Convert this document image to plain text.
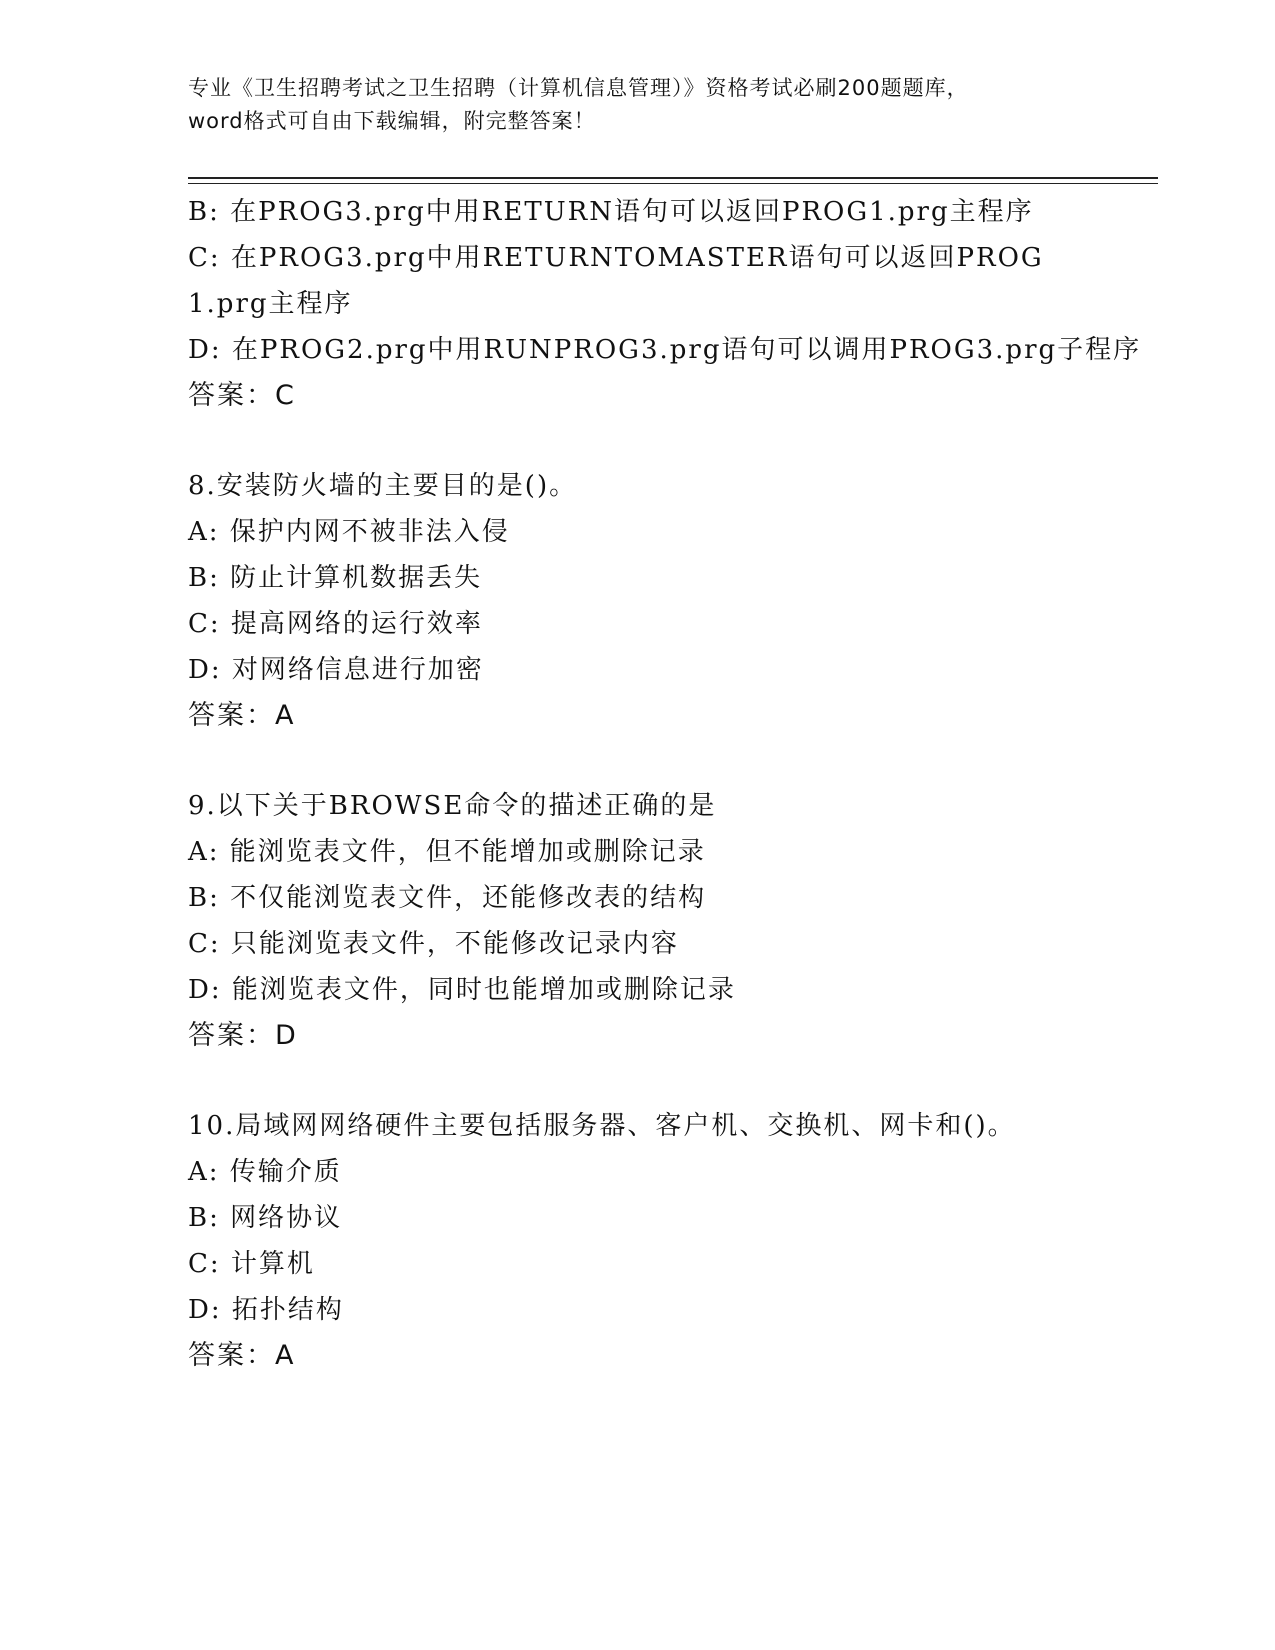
专业《卫生招聘考试之卫生招聘（计算机信息管理）》资格考试必刷200题题库，
word格式可自由下载编辑，附完整答案！
B: 在PROG3.prg中用RETURN语句可以返回PROG1.prg主程序
C: 在PROG3.prg中用RETURNTOMASTER语句可以返回PROG1.prg主程序
D: 在PROG2.prg中用RUNPROG3.prg语句可以调用PROG3.prg子程序
答案：C
8.安装防火墙的主要目的是()。
A: 保护内网不被非法入侵
B: 防止计算机数据丢失
C: 提高网络的运行效率
D: 对网络信息进行加密
答案：A
9.以下关于BROWSE命令的描述正确的是
A: 能浏览表文件，但不能增加或删除记录
B: 不仅能浏览表文件，还能修改表的结构
C: 只能浏览表文件，不能修改记录内容
D: 能浏览表文件，同时也能增加或删除记录
答案：D
10.局域网网络硬件主要包括服务器、客户机、交换机、网卡和()。
A: 传输介质
B: 网络协议
C: 计算机
D: 拓扑结构
答案：A
